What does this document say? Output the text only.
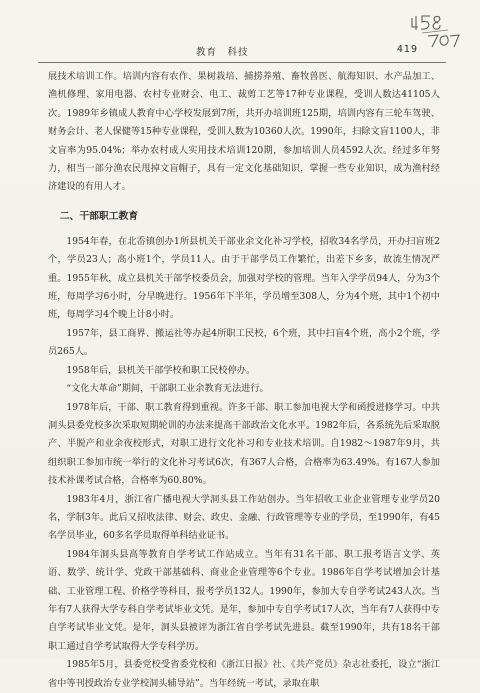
教育　科技	419

展技术培训工作。培训内容有农作、果树栽培、捕捞养殖、畜牧兽医、航海知识、水产品加工、渔机修理、家用电器、农村专业财会、电工、裁剪工艺等17种专业课程，受训人数达41105人次。1989年乡镇成人教育中心学校发展到7所，共开办培训班125期，培训内容有三轮车驾驶、财务会计、老人保健等15种专业课程，受训人数为10360人次。1990年，扫除文盲1100人，非文盲率为95.04%；举办农村成人实用技术培训120期，参加培训人员4592人次。经过多年努力，相当一部分渔农民甩掉文盲帽子，具有一定文化基础知识，掌握一些专业知识，成为渔村经济建设的有用人才。

二、干部职工教育

1954年春，在北岙镇创办1所县机关干部业余文化补习学校，招收34名学员，开办扫盲班2个，学员23人；高小班1个，学员11人。由于干部学员工作繁忙，出差下乡多，故流生情况严重。1955年秋，成立县机关干部学校委员会，加强对学校的管理。当年入学学员94人，分为3个班，每周学习6小时，分早晚进行。1956年下半年，学员增至308人，分为4个班，其中1个初中班，每周学习4个晚上计8小时。

1957年，县工商界、搬运社等办起4所职工民校，6个班，其中扫盲4个班，高小2个班，学员265人。

1958年后，县机关干部学校和职工民校停办。

“文化大革命”期间，干部职工业余教育无法进行。

1978年后，干部、职工教育得到重视。许多干部、职工参加电视大学和函授进修学习。中共洞头县委党校多次采取短期轮训的办法来提高干部政治文化水平。1982年后，各系统先后采取脱产、半脱产和业余夜校形式，对职工进行文化补习和专业技术培训。自1982～1987年9月，共组织职工参加市统一举行的文化补习考试6次，有367人合格，合格率为63.49%。有167人参加技术补课考试合格，合格率为60.80%。

1983年4月，浙江省广播电视大学洞头县工作站创办。当年招收工业企业管理专业学员20名，学制3年。此后又招收法律、财会、政史、金融、行政管理等专业的学员，至1990年，有45名学员毕业，60多名学员取得单科结业证书。

1984年洞头县高等教育自学考试工作站成立。当年有31名干部、职工报考语言文学、英语、数学、统计学、党政干部基础科、商业企业管理等6个专业。1986年自学考试增加会计基础、工业管理工程、价格学等科目，报考学员132人。1990年，参加大专自学考试243人次。当年有7人获得大学专科自学考试毕业文凭。是年，参加中专自学考试17人次，当年有7人获得中专自学考试毕业文凭。是年，洞头县被评为浙江省自学考试先进县。截至1990年，共有18名干部职工通过自学考试取得大学专科学历。

1985年5月，县委党校受省委党校和《浙江日报》社、《共产党员》杂志社委托，设立“浙江省中等刊授政治专业学校洞头辅导站”。当年经统一考试，录取在职
